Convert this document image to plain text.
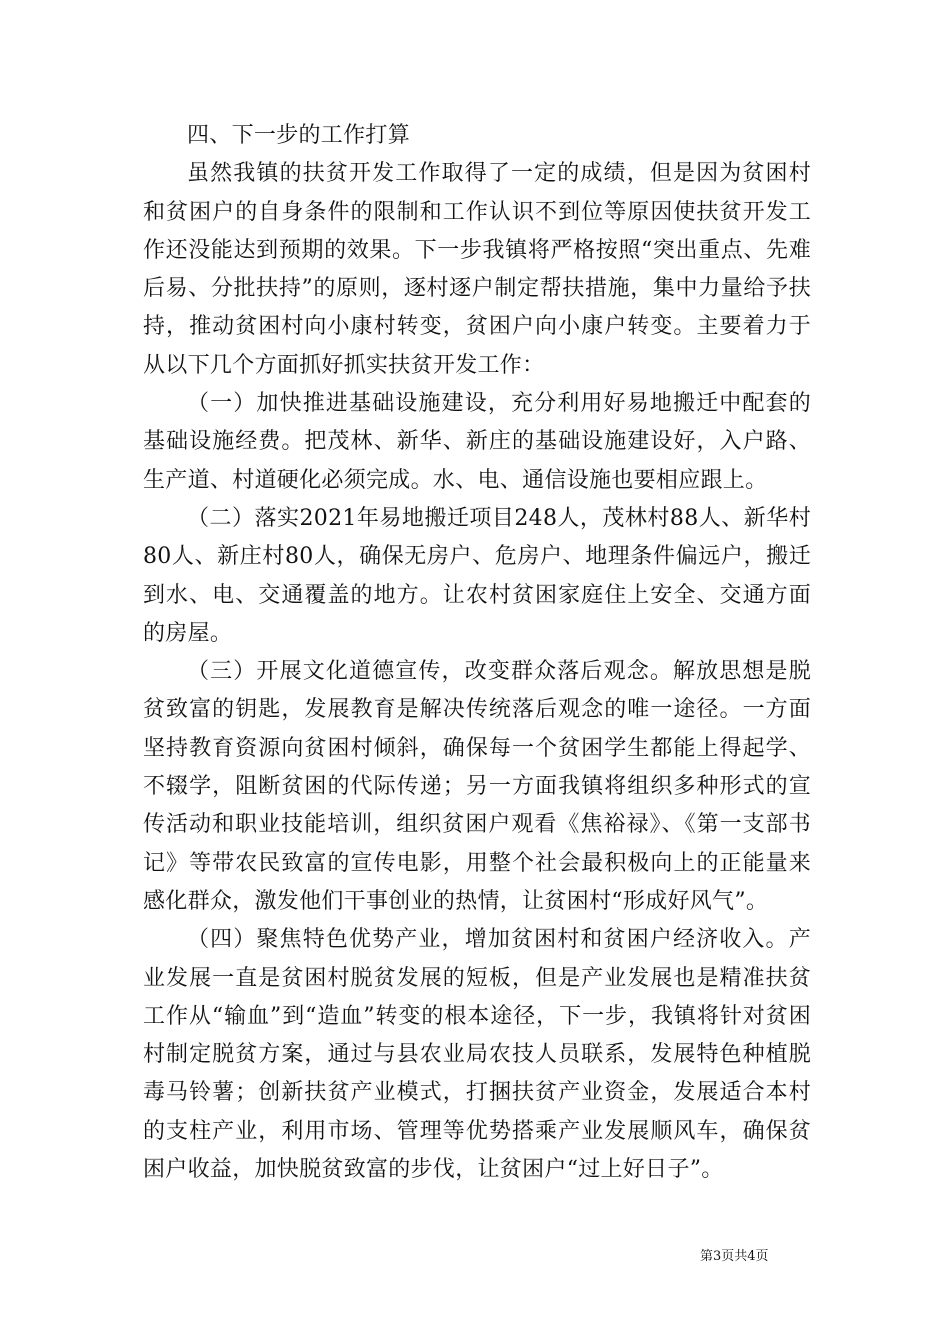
四、下一步的工作打算

虽然我镇的扶贫开发工作取得了一定的成绩，但是因为贫困村和贫困户的自身条件的限制和工作认识不到位等原因使扶贫开发工作还没能达到预期的效果。下一步我镇将严格按照“突出重点、先难后易、分批扶持”的原则，逐村逐户制定帮扶措施，集中力量给予扶持，推动贫困村向小康村转变，贫困户向小康户转变。主要着力于从以下几个方面抓好抓实扶贫开发工作：

（一）加快推进基础设施建设，充分利用好易地搬迁中配套的基础设施经费。把茂林、新华、新庄的基础设施建设好，入户路、生产道、村道硬化必须完成。水、电、通信设施也要相应跟上。

（二）落实2021年易地搬迁项目248人，茂林村88人、新华村80人、新庄村80人，确保无房户、危房户、地理条件偏远户，搬迁到水、电、交通覆盖的地方。让农村贫困家庭住上安全、交通方面的房屋。

（三）开展文化道德宣传，改变群众落后观念。解放思想是脱贫致富的钥匙，发展教育是解决传统落后观念的唯一途径。一方面坚持教育资源向贫困村倾斜，确保每一个贫困学生都能上得起学、不辍学，阻断贫困的代际传递；另一方面我镇将组织多种形式的宣传活动和职业技能培训，组织贫困户观看《焦裕禄》、《第一支部书记》等带农民致富的宣传电影，用整个社会最积极向上的正能量来感化群众，激发他们干事创业的热情，让贫困村“形成好风气”。

（四）聚焦特色优势产业，增加贫困村和贫困户经济收入。产业发展一直是贫困村脱贫发展的短板，但是产业发展也是精准扶贫工作从“输血”到“造血”转变的根本途径，下一步，我镇将针对贫困村制定脱贫方案，通过与县农业局农技人员联系，发展特色种植脱毒马铃薯；创新扶贫产业模式，打捆扶贫产业资金，发展适合本村的支柱产业，利用市场、管理等优势搭乘产业发展顺风车，确保贫困户收益，加快脱贫致富的步伐，让贫困户“过上好日子”。

第3页共4页
